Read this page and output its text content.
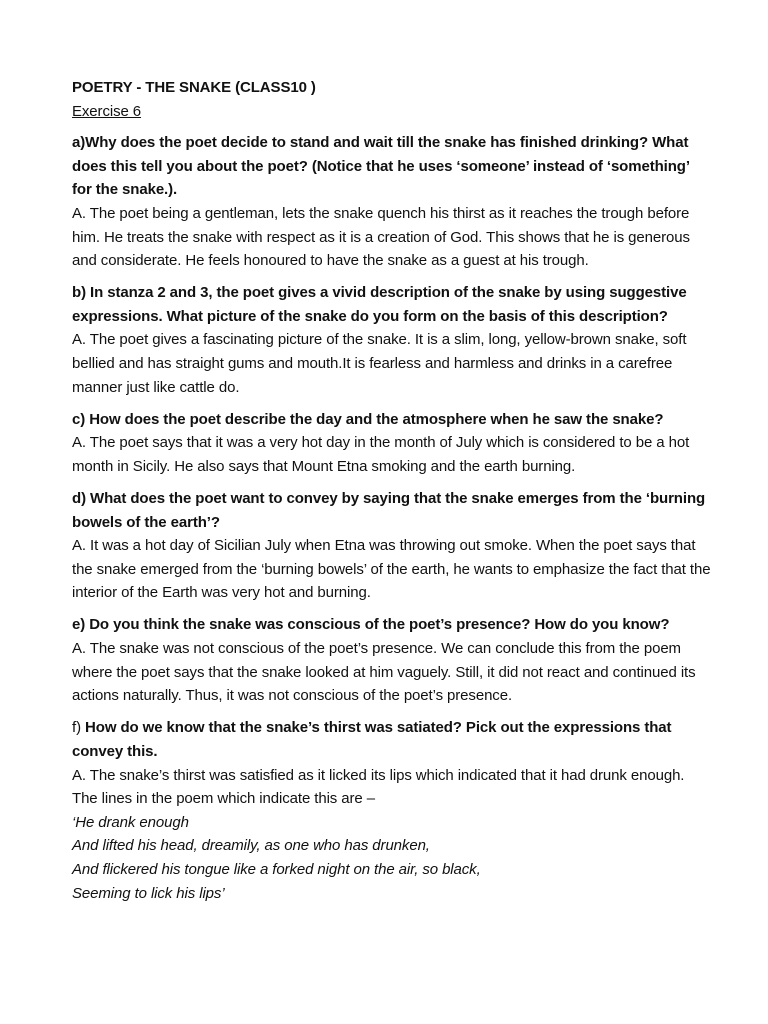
POETRY - THE SNAKE (CLASS10 )

Exercise 6

a)Why does the poet decide to stand and wait till the snake has finished drinking? What does this tell you about the poet? (Notice that he uses ‘someone’ instead of ‘something’ for the snake.).

A. The poet being a gentleman, lets the snake quench his thirst as it reaches the trough before him. He treats the snake with respect as it is a creation of God. This shows that he is generous and considerate. He feels honoured to have the snake as a guest at his trough.

b) In stanza 2 and 3, the poet gives a vivid description of the snake by using suggestive expressions. What picture of the snake do you form on the basis of this description?

A. The poet gives a fascinating picture of the snake. It is a slim, long, yellow-brown snake, soft bellied and has straight gums and mouth.It is fearless and harmless and drinks in a carefree manner just like cattle do.

c) How does the poet describe the day and the atmosphere when he saw the snake?

A. The poet says that it was a very hot day in the month of July which is considered to be a hot month in Sicily. He also says that Mount Etna smoking and the earth burning.

d) What does the poet want to convey by saying that the snake emerges from the ‘burning bowels of the earth’?

A. It was a hot day of Sicilian July when Etna was throwing out smoke. When the poet says that the snake emerged from the ‘burning bowels’ of the earth, he wants to emphasize the fact that the interior of the Earth was very hot and burning.

e) Do you think the snake was conscious of the poet’s presence? How do you know?

A. The snake was not conscious of the poet’s presence. We can conclude this from the poem where the poet says that the snake looked at him vaguely. Still, it did not react and continued its actions naturally. Thus, it was not conscious of the poet’s presence.

f) How do we know that the snake’s thirst was satiated? Pick out the expressions that convey this.

A. The snake’s thirst was satisfied as it licked its lips which indicated that it had drunk enough. The lines in the poem which indicate this are –

‘He drank enough

And lifted his head, dreamily, as one who has drunken,

And flickered his tongue like a forked night on the air, so black,

Seeming to lick his lips’
